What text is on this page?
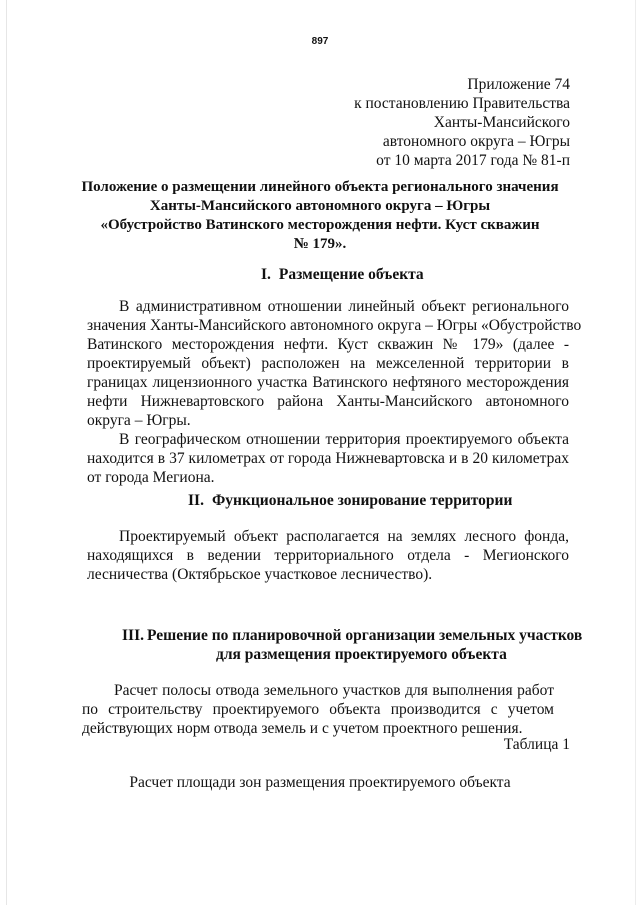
897
Приложение 74
к постановлению Правительства
Ханты-Мансийского
автономного округа – Югры
от 10 марта 2017 года № 81-п
Положение о размещении линейного объекта регионального значения
Ханты-Мансийского автономного округа – Югры
«Обустройство Ватинского месторождения нефти. Куст скважин
№ 179».
I. Размещение объекта
В административном отношении линейный объект регионального
значения Ханты-Мансийского автономного округа – Югры «Обустройство
Ватинского месторождения нефти. Куст скважин № 179» (далее -
проектируемый объект) расположен на межселенной территории в
границах лицензионного участка Ватинского нефтяного месторождения
нефти Нижневартовского района Ханты-Мансийского автономного
округа – Югры.
В географическом отношении территория проектируемого объекта
находится в 37 километрах от города Нижневартовска и в 20 километрах
от города Мегиона.
II. Функциональное зонирование территории
Проектируемый объект располагается на землях лесного фонда,
находящихся в ведении территориального отдела - Мегионского
лесничества (Октябрьское участковое лесничество).
III. Решение по планировочной организации земельных участков
для размещения проектируемого объекта
Расчет полосы отвода земельного участков для выполнения работ
по строительству проектируемого объекта производится с учетом
действующих норм отвода земель и с учетом проектного решения.
Таблица 1
Расчет площади зон размещения проектируемого объекта
